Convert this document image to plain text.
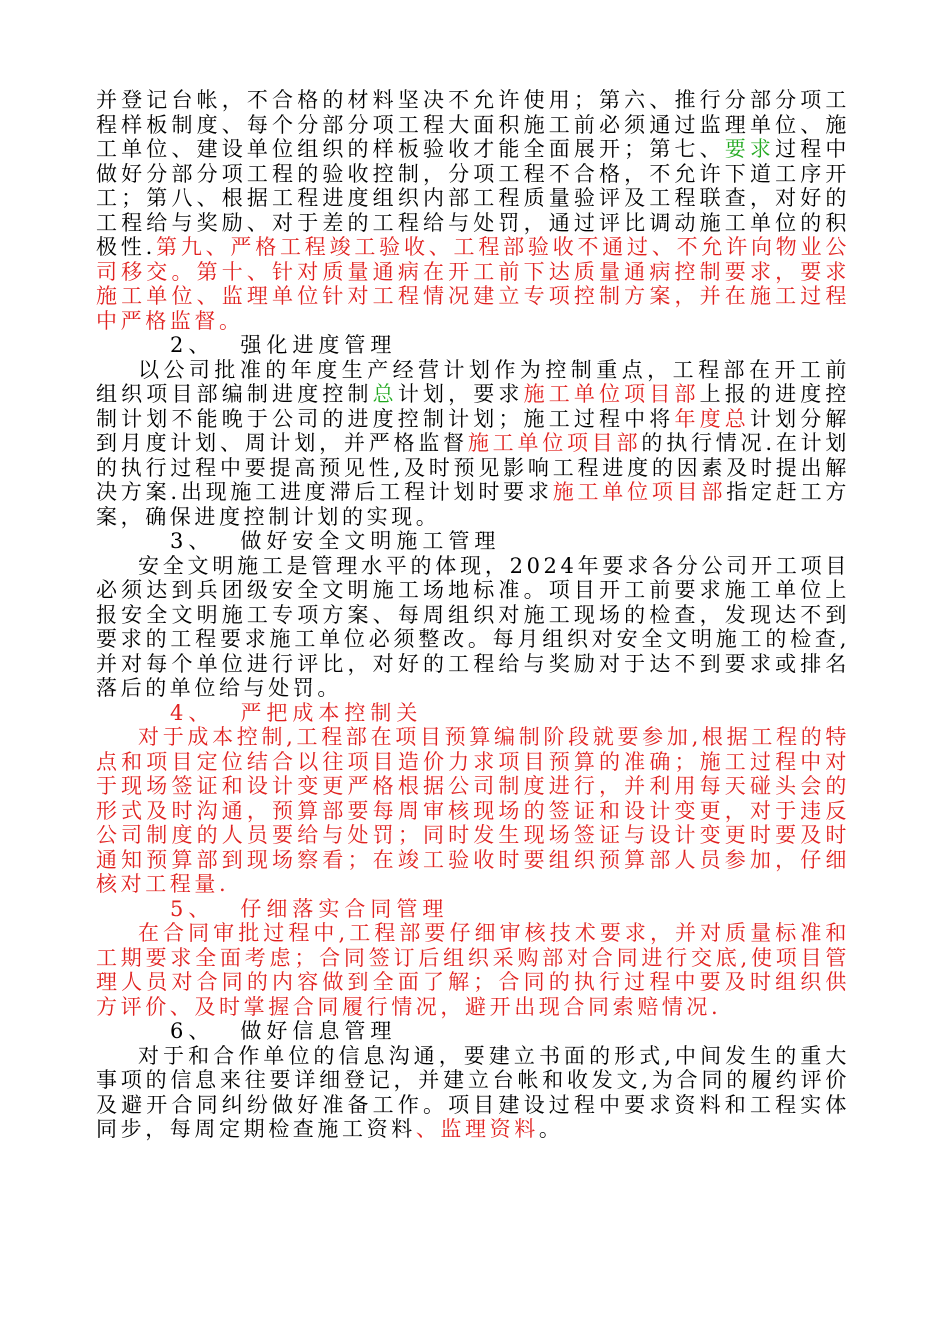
并登记台帐，不合格的材料坚决不允许使用；第六、推行分部分项工程样板制度、每个分部分项工程大面积施工前必须通过监理单位、施工单位、建设单位组织的样板验收才能全面展开；第七、要求过程中做好分部分项工程的验收控制，分项工程不合格，不允许下道工序开工；第八、根据工程进度组织内部工程质量验评及工程联查，对好的工程给与奖励、对于差的工程给与处罚，通过评比调动施工单位的积极性.第九、严格工程竣工验收、工程部验收不通过、不允许向物业公司移交。第十、针对质量通病在开工前下达质量通病控制要求，要求施工单位、监理单位针对工程情况建立专项控制方案，并在施工过程中严格监督。

2、 强化进度管理

以公司批准的年度生产经营计划作为控制重点，工程部在开工前组织项目部编制进度控制总计划，要求施工单位项目部上报的进度控制计划不能晚于公司的进度控制计划；施工过程中将年度总计划分解到月度计划、周计划，并严格监督施工单位项目部的执行情况.在计划的执行过程中要提高预见性,及时预见影响工程进度的因素及时提出解决方案.出现施工进度滞后工程计划时要求施工单位项目部指定赶工方案，确保进度控制计划的实现。

3、 做好安全文明施工管理

安全文明施工是管理水平的体现，2024年要求各分公司开工项目必须达到兵团级安全文明施工场地标准。项目开工前要求施工单位上报安全文明施工专项方案、每周组织对施工现场的检查，发现达不到要求的工程要求施工单位必须整改。每月组织对安全文明施工的检查,并对每个单位进行评比，对好的工程给与奖励对于达不到要求或排名落后的单位给与处罚。

4、 严把成本控制关

对于成本控制,工程部在项目预算编制阶段就要参加,根据工程的特点和项目定位结合以往项目造价力求项目预算的准确；施工过程中对于现场签证和设计变更严格根据公司制度进行，并利用每天碰头会的形式及时沟通，预算部要每周审核现场的签证和设计变更，对于违反公司制度的人员要给与处罚；同时发生现场签证与设计变更时要及时通知预算部到现场察看；在竣工验收时要组织预算部人员参加，仔细核对工程量.

5、 仔细落实合同管理

在合同审批过程中,工程部要仔细审核技术要求，并对质量标准和工期要求全面考虑；合同签订后组织采购部对合同进行交底,使项目管理人员对合同的内容做到全面了解；合同的执行过程中要及时组织供方评价、及时掌握合同履行情况，避开出现合同索赔情况.

6、 做好信息管理

对于和合作单位的信息沟通，要建立书面的形式,中间发生的重大事项的信息来往要详细登记，并建立台帐和收发文,为合同的履约评价及避开合同纠纷做好准备工作。项目建设过程中要求资料和工程实体同步，每周定期检查施工资料、监理资料。
